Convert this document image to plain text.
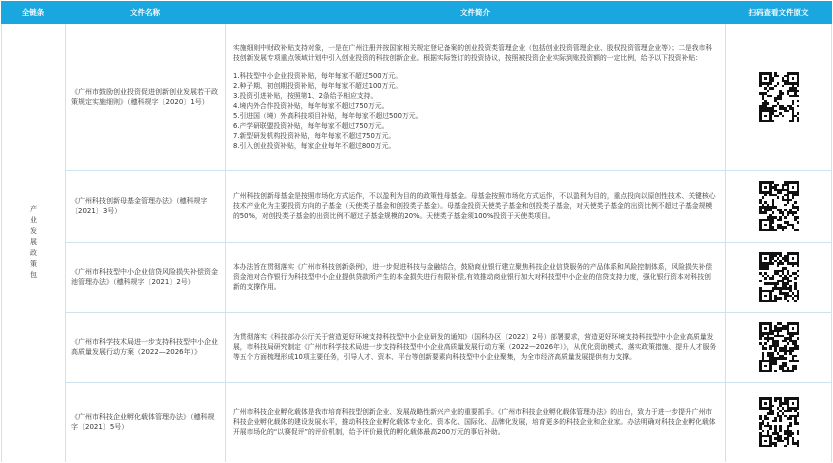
全链条	文件名称	文件简介	扫码查看文件原文
产业发展政策包
《广州市鼓励创业投资促进创新创业发展若干政策规定实施细则》（穗科规字〔2020〕1号）
实施细则中财政补贴支持对象，一是在广州注册并按国家相关规定登记备案的创业投资类管理企业（包括创业投资管理企业、股权投资管理企业等）；二是我市科技创新发展专项重点领域计划中引入创业投资的科技创新企业。根据实际签订的投资协议，按照被投资企业实际到账投资额的一定比例，给予以下投资补贴：
1.科技型中小企业投资补贴，每年每家不超过500万元。
2.种子期、初创期投资补贴，每年每家不超过100万元。
3.投资引进补贴，按照第1、2条给予相应支持。
4.境内外合作投资补贴，每年每家不超过750万元。
5.引进国（境）外高科技项目补贴，每年每家不超过500万元。
6.产学研联盟投资补贴，每年每家不超过750万元。
7.新型研发机构投资补贴，每年每家不超过750万元。
8.引入创业投资补贴，每家企业每年不超过800万元。
《广州科技创新母基金管理办法》（穗科规字〔2021〕3号）
广州科技创新母基金是按照市场化方式运作，不以盈利为目的的政策性母基金。母基金按照市场化方式运作，不以盈利为目的，重点投向以原创性技术、关键核心技术产业化为主要投资方向的子基金（天使类子基金和创投类子基金）。母基金投资天使类子基金和创投类子基金，对天使类子基金的出资比例不超过子基金规模的50%，对创投类子基金的出资比例不超过子基金规模的20%。天使类子基金须100%投资于天使类项目。
《广州市科技型中小企业信贷风险损失补偿资金池管理办法》（穗科规字〔2021〕2号）
本办法旨在贯彻落实《广州市科技创新条例》，进一步促进科技与金融结合，鼓励商业银行建立聚焦科技企业信贷服务的产品体系和风险控制体系，风险损失补偿资金池对合作银行为科技型中小企业提供贷款所产生的本金损失进行有限补偿,有效推动商业银行加大对科技型中小企业的信贷支持力度，强化银行资本对科技创新的支撑作用。
《广州市科学技术局进一步支持科技型中小企业高质量发展行动方案（2022—2026年）》
为贯彻落实《科技部办公厅关于营造更好环境支持科技型中小企业研发的通知》（国科办区〔2022〕2号）部署要求，营造更好环境支持科技型中小企业高质量发展，市科技局研究制定《广州市科学技术局进一步支持科技型中小企业高质量发展行动方案（2022—2026年）》，从优化资助模式、落实政策措施、提升人才服务等五个方面梳理形成10项主要任务，引导人才、资本、平台等创新要素向科技型中小企业聚集，为全市经济高质量发展提供有力支撑。
《广州市科技企业孵化载体管理办法》（穗科规字〔2021〕5号）
广州市科技企业孵化载体是我市培育科技型创新企业、发展战略性新兴产业的重要抓手。《广州市科技企业孵化载体管理办法》的出台，致力于进一步提升广州市科技企业孵化载体的建设发展水平，推动科技企业孵化载体专业化、资本化、国际化、品牌化发展，培育更多的科技企业和企业家。办法明确对科技企业孵化载体开展市场化的“以赛促评”的评价机制，给予评价最优的孵化载体最高200万元的事后补助。
